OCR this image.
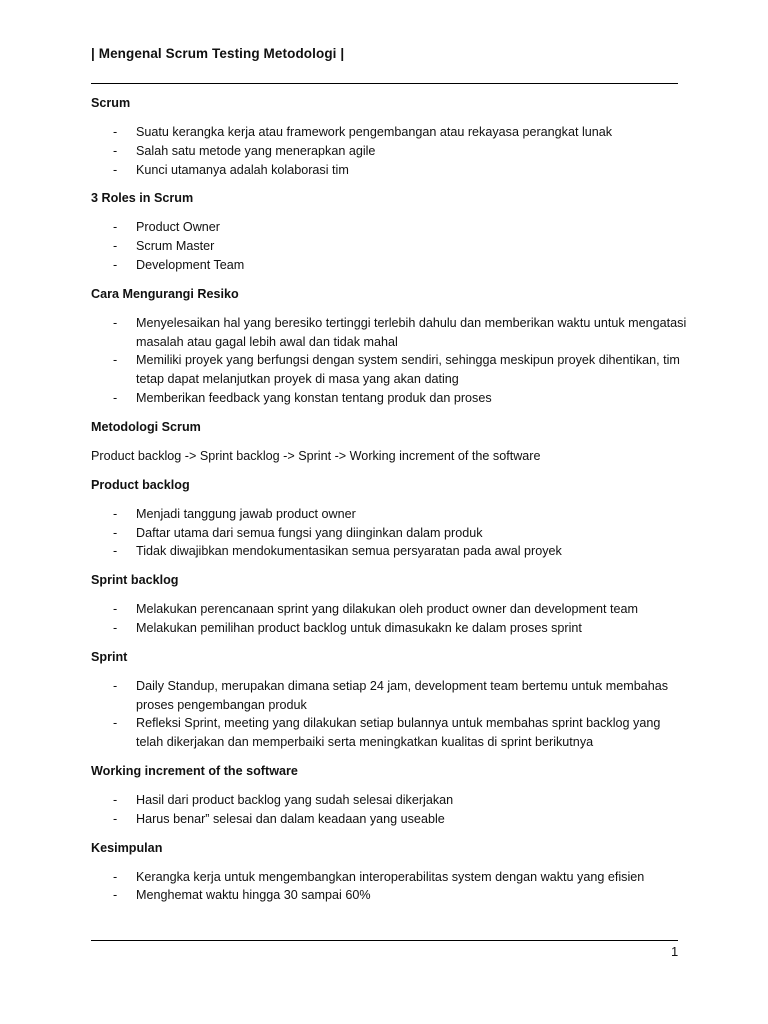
| Mengenal Scrum Testing Metodologi |
Scrum
-	Suatu kerangka kerja atau framework pengembangan atau rekayasa perangkat lunak
-	Salah satu metode yang menerapkan agile
-	Kunci utamanya adalah kolaborasi tim
3 Roles in Scrum
-	Product Owner
-	Scrum Master
-	Development Team
Cara Mengurangi Resiko
-	Menyelesaikan hal yang beresiko tertinggi terlebih dahulu dan memberikan waktu untuk mengatasi masalah atau gagal lebih awal dan tidak mahal
-	Memiliki proyek yang berfungsi dengan system sendiri, sehingga meskipun proyek dihentikan, tim tetap dapat melanjutkan proyek di masa yang akan dating
-	Memberikan feedback yang konstan tentang produk dan proses
Metodologi Scrum
Product backlog -> Sprint backlog -> Sprint -> Working increment of the software
Product backlog
-	Menjadi tanggung jawab product owner
-	Daftar utama dari semua fungsi yang diinginkan dalam produk
-	Tidak diwajibkan mendokumentasikan semua persyaratan pada awal proyek
Sprint backlog
-	Melakukan perencanaan sprint yang dilakukan oleh product owner dan development team
-	Melakukan pemilihan product backlog untuk dimasukakn ke dalam proses sprint
Sprint
-	Daily Standup, merupakan dimana setiap 24 jam, development team bertemu untuk membahas proses pengembangan produk
-	Refleksi Sprint, meeting yang dilakukan setiap bulannya untuk membahas sprint backlog yang telah dikerjakan dan memperbaiki serta meningkatkan kualitas di sprint berikutnya
Working increment of the software
-	Hasil dari product backlog yang sudah selesai dikerjakan
-	Harus benar” selesai dan dalam keadaan yang useable
Kesimpulan
-	Kerangka kerja untuk mengembangkan interoperabilitas system dengan waktu yang efisien
-	Menghemat waktu hingga 30 sampai 60%
1
